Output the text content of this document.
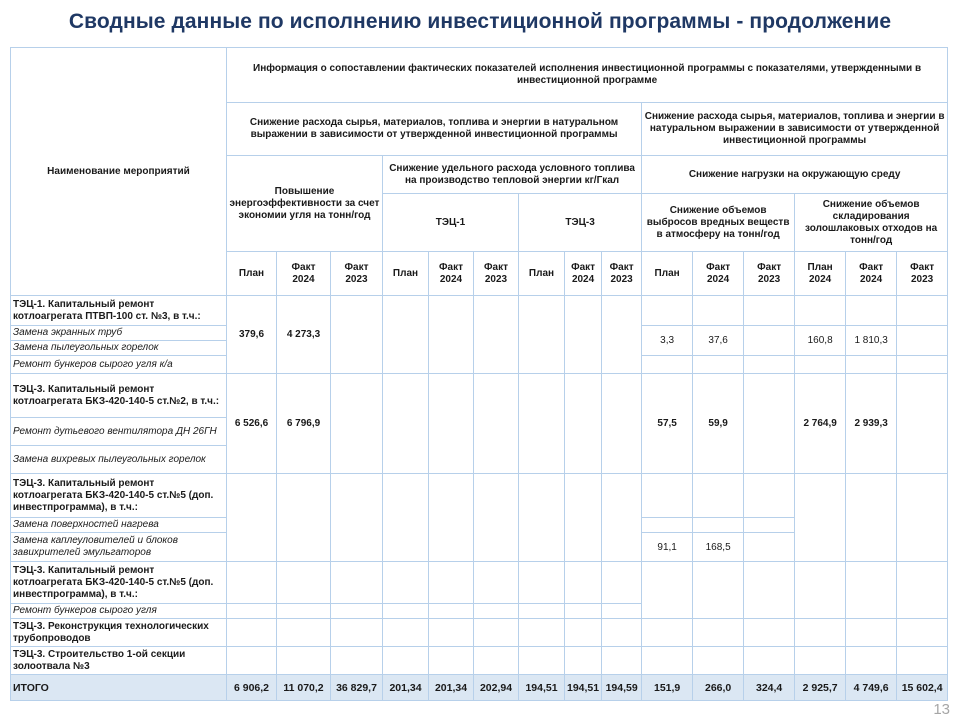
Сводные данные по исполнению инвестиционной программы - продолжение
Наименование мероприятий	Информация о сопоставлении фактических показателей исполнения инвестиционной программы с показателями, утвержденными в инвестиционной программе														
	Снижение расхода сырья, материалов, топлива и энергии в натуральном выражении в зависимости от утвержденной инвестиционной программы									Снижение расхода сырья, материалов, топлива и энергии в натуральном выражении в зависимости от утвержденной инвестиционной программы					
	Повышение энергоэффективности за счет экономии угля на тонн/год			Снижение удельного расхода условного топлива на производство тепловой энергии кг/Гкал						Снижение нагрузки на окружающую среду					
				ТЭЦ-1			ТЭЦ-3			Снижение объемов выбросов вредных веществ в атмосферу на тонн/год			Снижение объемов складирования золошлаковых отходов на тонн/год		
	План	Факт 2024	Факт 2023	План	Факт 2024	Факт 2023	План	Факт 2024	Факт 2023	План	Факт 2024	Факт 2023	План 2024	Факт 2024	Факт 2023
ТЭЦ-1. Капитальный ремонт котлоагрегата ПТВП-100 ст. №3, в т.ч.:	379,6	4 273,3													
Замена экранных труб										3,3	37,6		160,8	1 810,3	
Замена пылеугольных горелок															
Ремонт бункеров сырого угля к/а															
ТЭЦ-3. Капитальный ремонт котлоагрегата БКЗ-420-140-5 ст.№2, в т.ч.:	6 526,6	6 796,9								57,5	59,9		2 764,9	2 939,3	
Ремонт дутьевого вентилятора ДН 26ГН															
Замена вихревых пылеугольных горелок															
ТЭЦ-3. Капитальный ремонт котлоагрегата БКЗ-420-140-5 ст.№5 (доп. инвестпрограмма), в т.ч.:															
Замена поверхностей нагрева															
Замена каплеуловителей и блоков завихрителей эмульгаторов										91,1	168,5				
ТЭЦ-3. Капитальный ремонт котлоагрегата БКЗ-420-140-5 ст.№5 (доп. инвестпрограмма), в т.ч.:															
Ремонт бункеров сырого угля															
ТЭЦ-3. Реконструкция технологических трубопроводов															
ТЭЦ-3. Строительство 1-ой секции золоотвала №3															
ИТОГО	6 906,2	11 070,2	36 829,7	201,34	201,34	202,94	194,51	194,51	194,59	151,9	266,0	324,4	2 925,7	4 749,6	15 602,4
13
